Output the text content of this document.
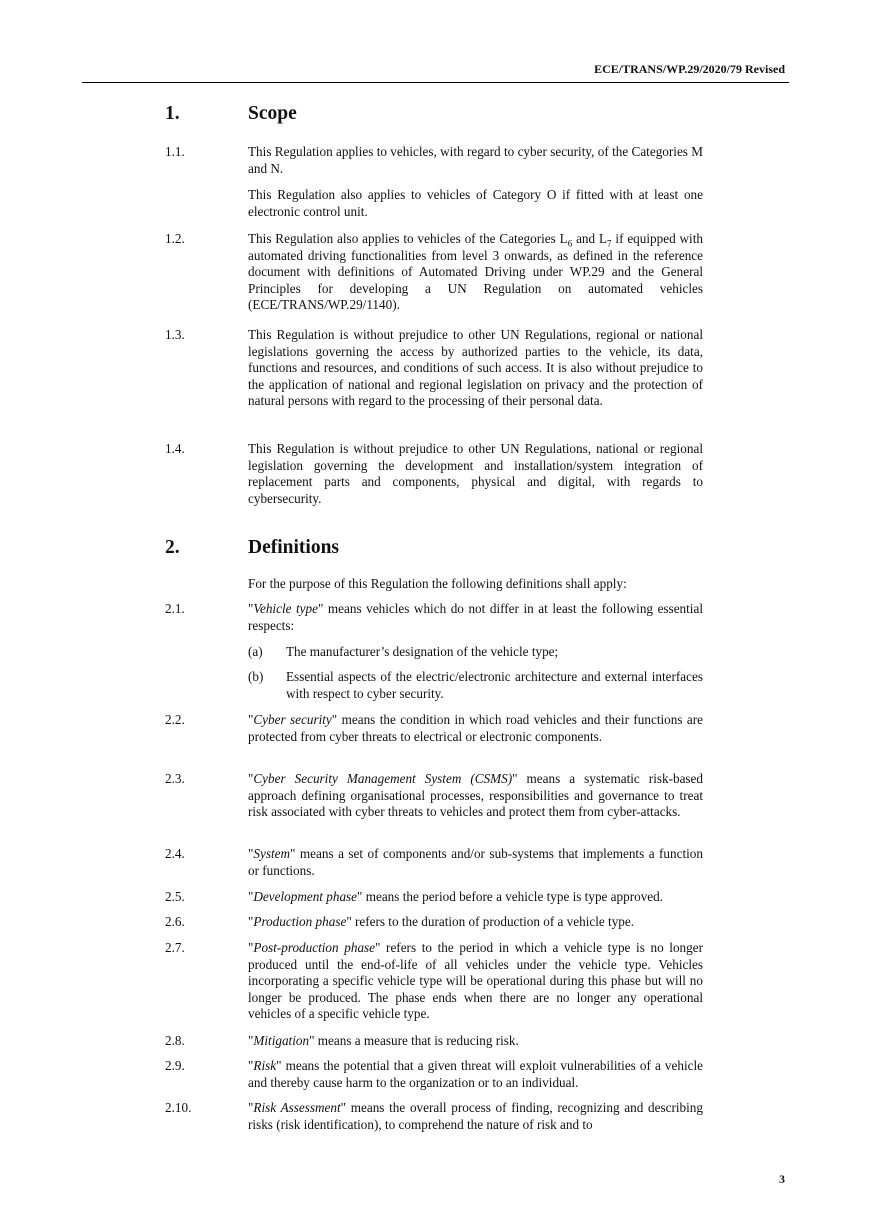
ECE/TRANS/WP.29/2020/79 Revised
1.	Scope
1.1.	This Regulation applies to vehicles, with regard to cyber security, of the Categories M and N.
This Regulation also applies to vehicles of Category O if fitted with at least one electronic control unit.
1.2.	This Regulation also applies to vehicles of the Categories $L_6$ and $L_7$ if equipped with automated driving functionalities from level 3 onwards, as defined in the reference document with definitions of Automated Driving under WP.29 and the General Principles for developing a UN Regulation on automated vehicles (ECE/TRANS/WP.29/1140).
1.3.	This Regulation is without prejudice to other UN Regulations, regional or national legislations governing the access by authorized parties to the vehicle, its data, functions and resources, and conditions of such access. It is also without prejudice to the application of national and regional legislation on privacy and the protection of natural persons with regard to the processing of their personal data.
1.4.	This Regulation is without prejudice to other UN Regulations, national or regional legislation governing the development and installation/system integration of replacement parts and components, physical and digital, with regards to cybersecurity.
2.	Definitions
For the purpose of this Regulation the following definitions shall apply:
2.1.	"Vehicle type" means vehicles which do not differ in at least the following essential respects:
(a) The manufacturer’s designation of the vehicle type;
(b) Essential aspects of the electric/electronic architecture and external interfaces with respect to cyber security.
2.2.	"Cyber security" means the condition in which road vehicles and their functions are protected from cyber threats to electrical or electronic components.
2.3.	"Cyber Security Management System (CSMS)" means a systematic risk-based approach defining organisational processes, responsibilities and governance to treat risk associated with cyber threats to vehicles and protect them from cyber-attacks.
2.4.	"System" means a set of components and/or sub-systems that implements a function or functions.
2.5.	"Development phase" means the period before a vehicle type is type approved.
2.6.	"Production phase" refers to the duration of production of a vehicle type.
2.7.	"Post-production phase" refers to the period in which a vehicle type is no longer produced until the end-of-life of all vehicles under the vehicle type. Vehicles incorporating a specific vehicle type will be operational during this phase but will no longer be produced. The phase ends when there are no longer any operational vehicles of a specific vehicle type.
2.8.	"Mitigation" means a measure that is reducing risk.
2.9.	"Risk" means the potential that a given threat will exploit vulnerabilities of a vehicle and thereby cause harm to the organization or to an individual.
2.10.	"Risk Assessment" means the overall process of finding, recognizing and describing risks (risk identification), to comprehend the nature of risk and to
3
